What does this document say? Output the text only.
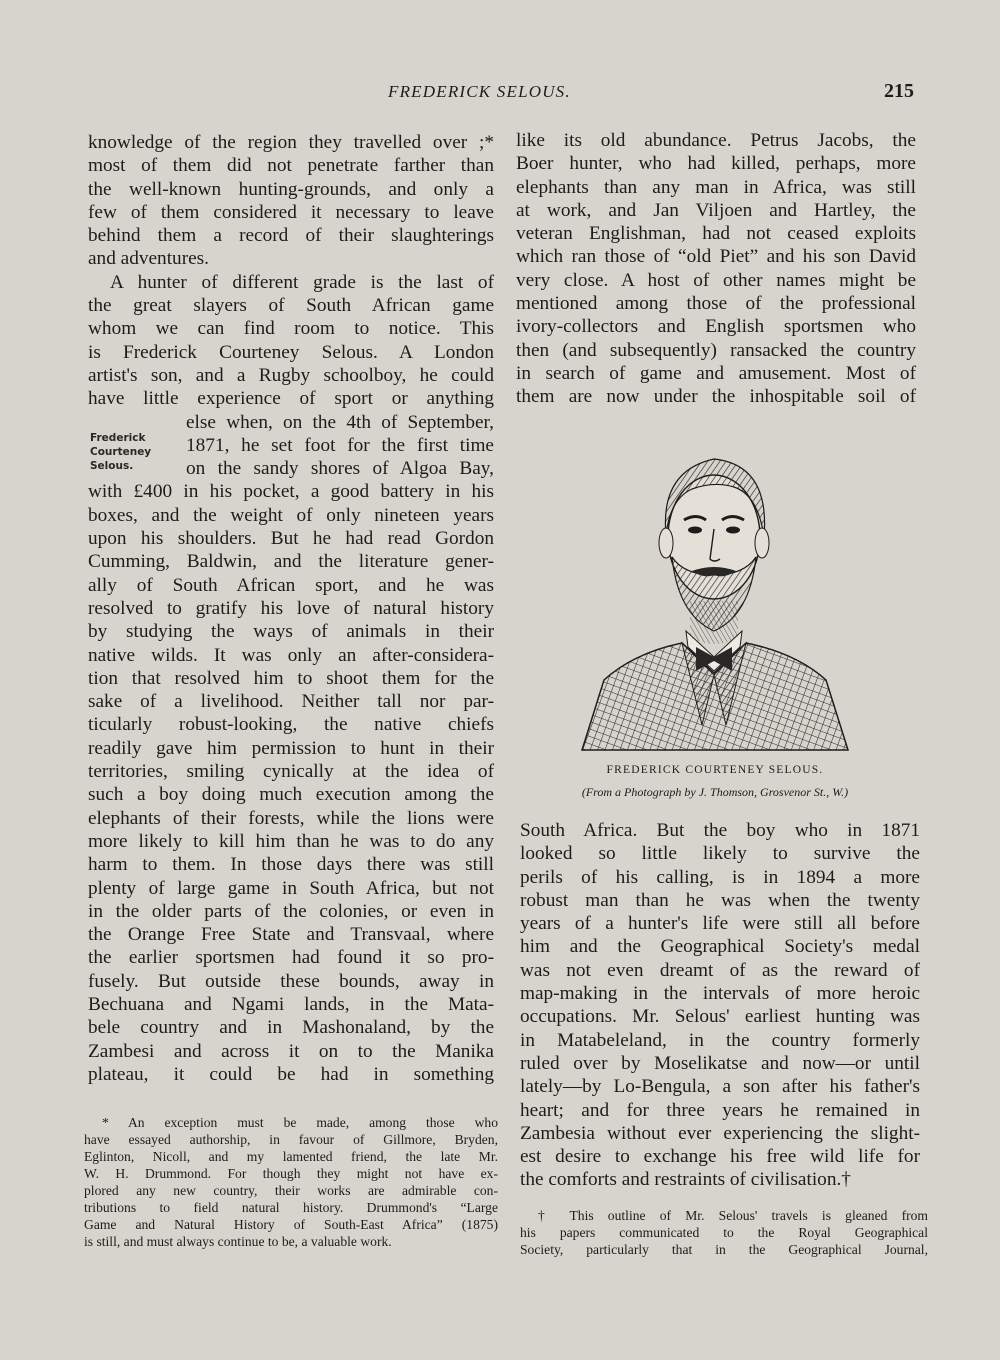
FREDERICK SELOUS.	215
knowledge of the region they travelled over ;*
most of them did not penetrate farther than
the well-known hunting-grounds, and only a
few of them considered it necessary to leave
behind them a record of their slaughterings
and adventures.
A hunter of different grade is the last of
the great slayers of South African game
whom we can find room to notice. This
is Frederick Courteney Selous. A London
artist's son, and a Rugby schoolboy, he could
have little experience of sport or anything
else when, on the 4th of September,
1871, he set foot for the first time
on the sandy shores of Algoa Bay,
with £400 in his pocket, a good battery in his
boxes, and the weight of only nineteen years
upon his shoulders. But he had read Gordon
Cumming, Baldwin, and the literature gener-
ally of South African sport, and he was
resolved to gratify his love of natural history
by studying the ways of animals in their
native wilds. It was only an after-considera-
tion that resolved him to shoot them for the
sake of a livelihood. Neither tall nor par-
ticularly robust-looking, the native chiefs
readily gave him permission to hunt in their
territories, smiling cynically at the idea of
such a boy doing much execution among the
elephants of their forests, while the lions were
more likely to kill him than he was to do any
harm to them. In those days there was still
plenty of large game in South Africa, but not
in the older parts of the colonies, or even in
the Orange Free State and Transvaal, where
the earlier sportsmen had found it so pro-
fusely. But outside these bounds, away in
Bechuana and Ngami lands, in the Mata-
bele country and in Mashonaland, by the
Zambesi and across it on to the Manika
plateau, it could be had in something
Frederick
Courteney
Selous.
* An exception must be made, among those who
have essayed authorship, in favour of Gillmore, Bryden,
Eglinton, Nicoll, and my lamented friend, the late Mr.
W. H. Drummond. For though they might not have ex-
plored any new country, their works are admirable con-
tributions to field natural history. Drummond's “Large
Game and Natural History of South-East Africa” (1875)
is still, and must always continue to be, a valuable work.
like its old abundance. Petrus Jacobs, the
Boer hunter, who had killed, perhaps, more
elephants than any man in Africa, was still
at work, and Jan Viljoen and Hartley, the
veteran Englishman, had not ceased exploits
which ran those of “old Piet” and his son David
very close. A host of other names might be
mentioned among those of the professional
ivory-collectors and English sportsmen who
then (and subsequently) ransacked the country
in search of game and amusement. Most of
them are now under the inhospitable soil of
FREDERICK COURTENEY SELOUS.
(From a Photograph by J. Thomson, Grosvenor St., W.)
South Africa. But the boy who in 1871
looked so little likely to survive the
perils of his calling, is in 1894 a more
robust man than he was when the twenty
years of a hunter's life were still all before
him and the Geographical Society's medal
was not even dreamt of as the reward of
map-making in the intervals of more heroic
occupations. Mr. Selous' earliest hunting was
in Matabeleland, in the country formerly
ruled over by Moselikatse and now—or until
lately—by Lo-Bengula, a son after his father's
heart; and for three years he remained in
Zambesia without ever experiencing the slight-
est desire to exchange his free wild life for
the comforts and restraints of civilisation.†
† This outline of Mr. Selous' travels is gleaned from
his papers communicated to the Royal Geographical
Society, particularly that in the Geographical Journal,
